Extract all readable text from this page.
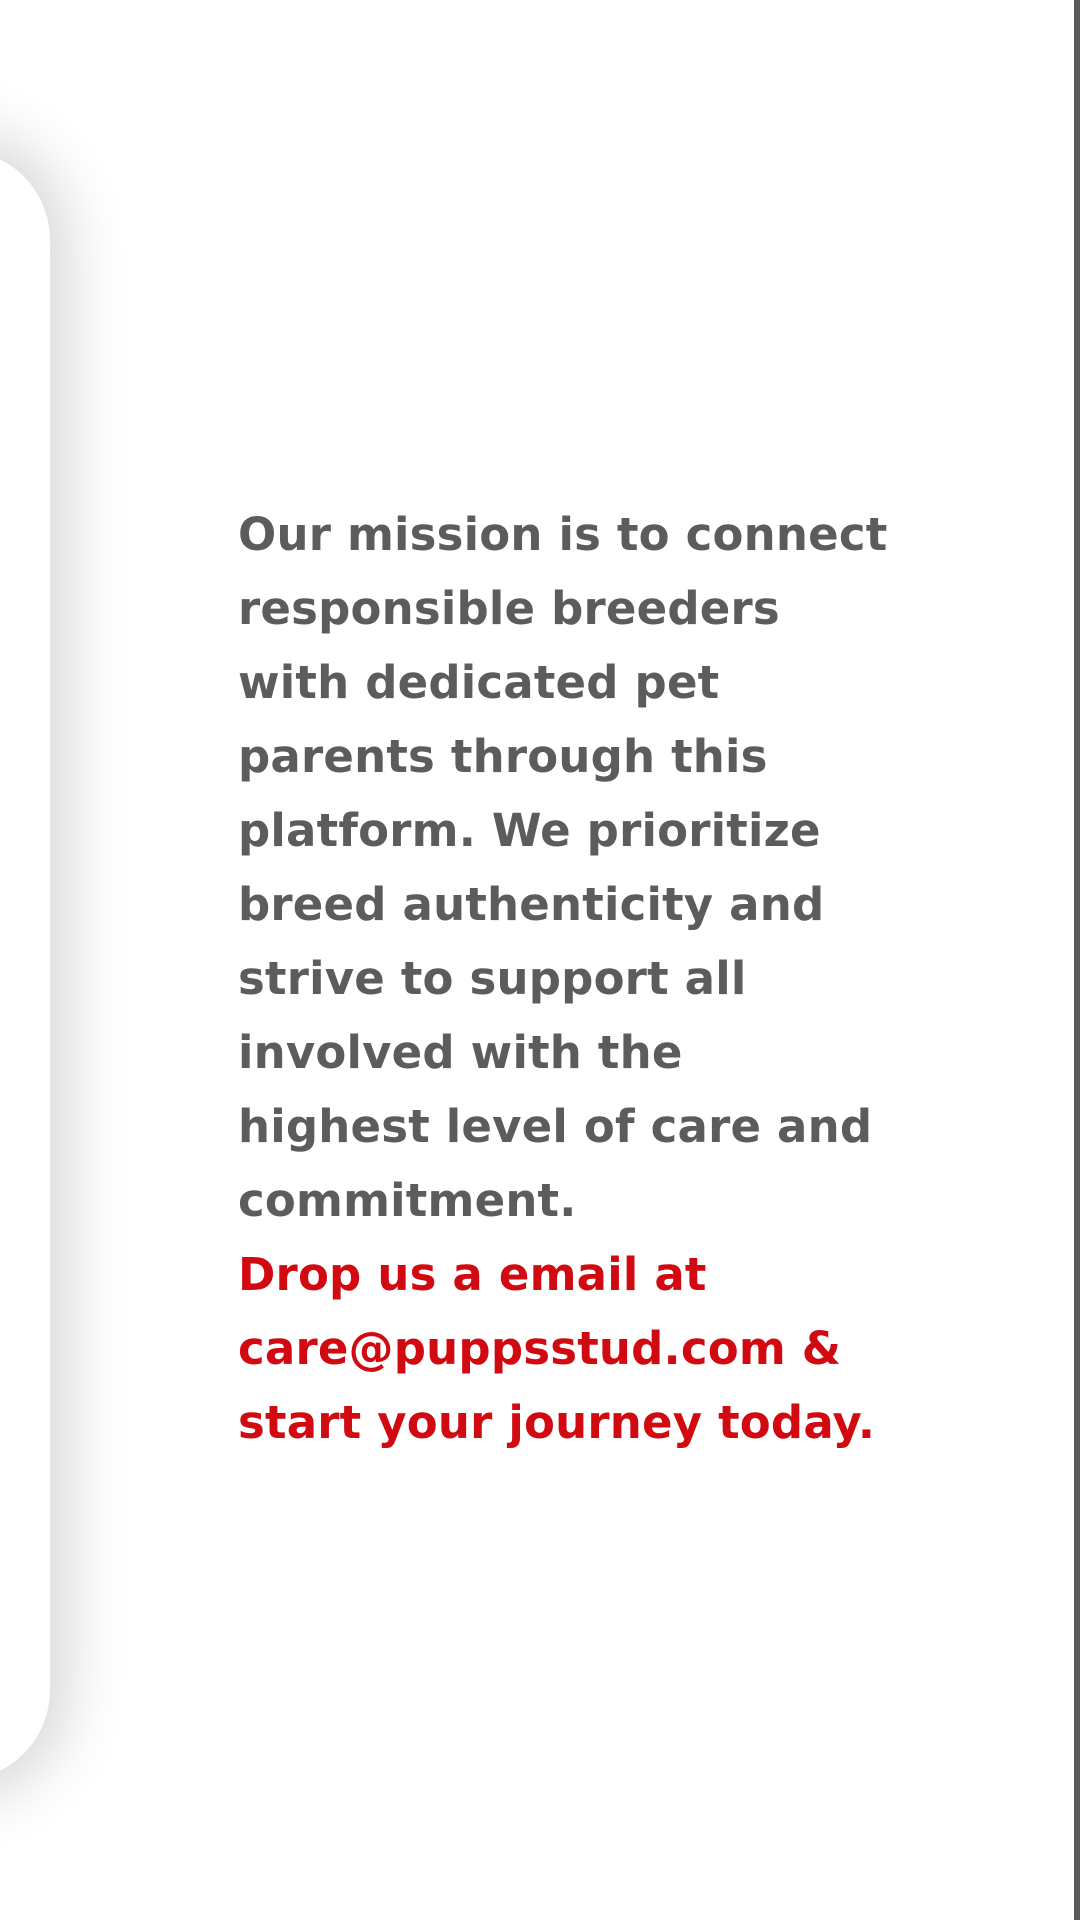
Our mission is to connect responsible breeders with dedicated pet parents through this platform. We prioritize breed authenticity and strive to support all involved with the highest level of care and commitment.

Drop us a email at care@puppsstud.com & start your journey today.
